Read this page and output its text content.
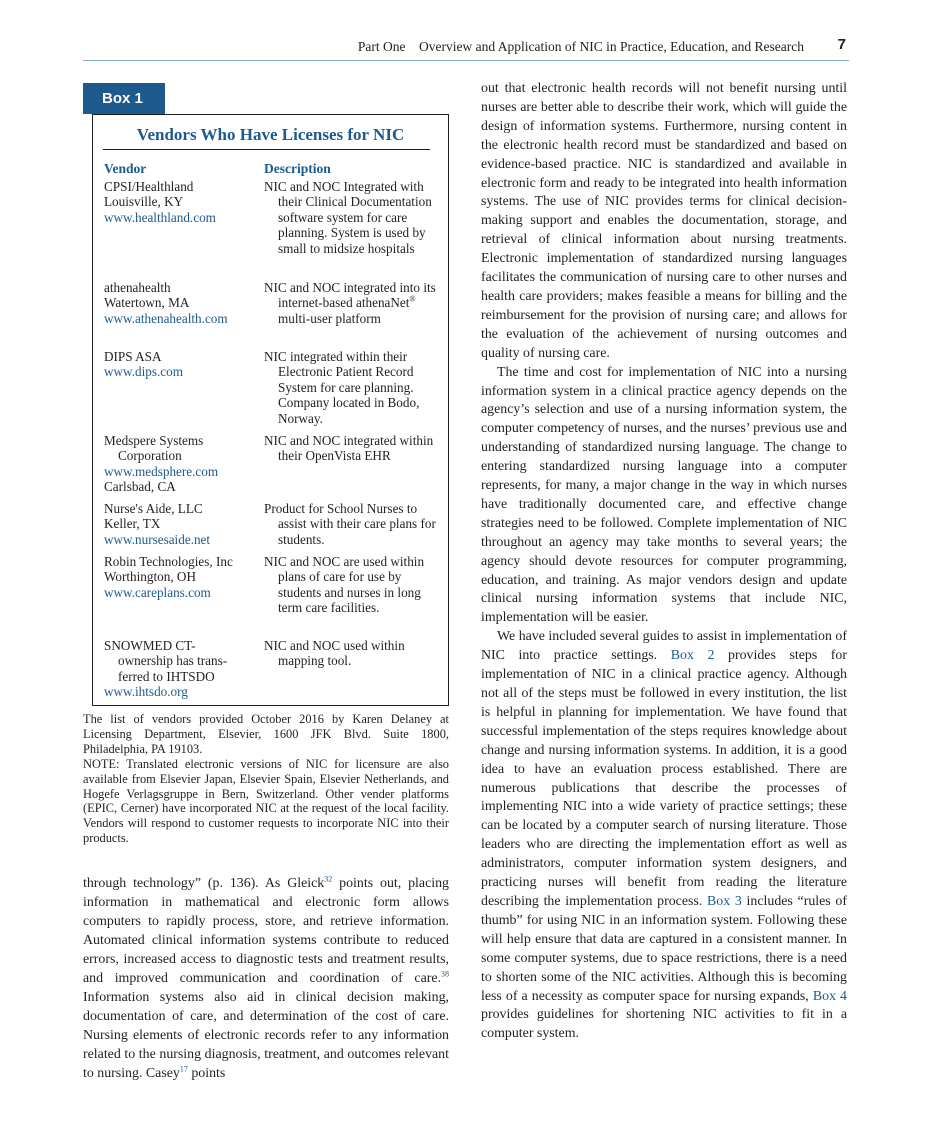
Part One    Overview and Application of NIC in Practice, Education, and Research 7
Box 1
Vendors Who Have Licenses for NIC
Vendor	Description
CPSI/Healthland
Louisville, KY
www.healthland.com
NIC and NOC Integrated with their Clinical Documentation software system for care planning. System is used by small to midsize hospitals
athenahealth
Watertown, MA
www.athenahealth.com
NIC and NOC integrated into its internet-based athenaNet® multi-user platform
DIPS ASA
www.dips.com
NIC integrated within their Electronic Patient Record System for care planning. Company located in Bodo, Norway.
Medspere Systems
Corporation
www.medsphere.com
Carlsbad, CA
NIC and NOC integrated within their OpenVista EHR
Nurse's Aide, LLC
Keller, TX
www.nursesaide.net
Product for School Nurses to assist with their care plans for students.
Robin Technologies, Inc
Worthington, OH
www.careplans.com
NIC and NOC are used within plans of care for use by students and nurses in long term care facilities.
SNOWMED CT-
ownership has trans-
ferred to IHTSDO
www.ihtsdo.org
NIC and NOC used within mapping tool.

The list of vendors provided October 2016 by Karen Delaney at Licensing Department, Elsevier, 1600 JFK Blvd. Suite 1800, Philadelphia, PA 19103.

NOTE: Translated electronic versions of NIC for licensure are also available from Elsevier Japan, Elsevier Spain, Elsevier Netherlands, and Hogefe Verlagsgruppe in Bern, Switzerland. Other vender platforms (EPIC, Cerner) have incorporated NIC at the request of the local facility. Vendors will respond to customer requests to incorporate NIC into their products.

through technology” (p. 136). As Gleick$^{32}$ points out, placing information in mathematical and electronic form allows computers to rapidly process, store, and retrieve information. Automated clinical information systems contribute to reduced errors, increased access to diagnostic tests and treatment results, and improved communication and coordination of care.$^{38}$ Information systems also aid in clinical decision making, documentation of care, and determination of the cost of care. Nursing elements of electronic records refer to any information related to the nursing diagnosis, treatment, and outcomes relevant to nursing. Casey$^{17}$ points

out that electronic health records will not benefit nursing until nurses are better able to describe their work, which will guide the design of information systems. Furthermore, nursing content in the electronic health record must be standardized and based on evidence-based practice. NIC is standardized and available in electronic form and ready to be integrated into health information systems. The use of NIC provides terms for clinical decision-making support and enables the documentation, storage, and retrieval of clinical information about nursing treatments. Electronic implementation of standardized nursing languages facilitates the communication of nursing care to other nurses and health care providers; makes feasible a means for billing and the reimbursement for the provision of nursing care; and allows for the evaluation of the achievement of nursing outcomes and quality of nursing care.

The time and cost for implementation of NIC into a nursing information system in a clinical practice agency depends on the agency’s selection and use of a nursing information system, the computer competency of nurses, and the nurses’ previous use and understanding of standardized nursing language. The change to entering standardized nursing language into a computer represents, for many, a major change in the way in which nurses have traditionally documented care, and effective change strategies need to be followed. Complete implementation of NIC throughout an agency may take months to several years; the agency should devote resources for computer programming, education, and training. As major vendors design and update clinical nursing information systems that include NIC, implementation will be easier.

We have included several guides to assist in implementation of NIC into practice settings. Box 2 provides steps for implementation of NIC in a clinical practice agency. Although not all of the steps must be followed in every institution, the list is helpful in planning for implementation. We have found that successful implementation of the steps requires knowledge about change and nursing information systems. In addition, it is a good idea to have an evaluation process established. There are numerous publications that describe the processes of implementing NIC into a wide variety of practice settings; these can be located by a computer search of nursing literature. Those leaders who are directing the implementation effort as well as administrators, computer information system designers, and practicing nurses will benefit from reading the literature describing the implementation process. Box 3 includes “rules of thumb” for using NIC in an information system. Following these will help ensure that data are captured in a consistent manner. In some computer systems, due to space restrictions, there is a need to shorten some of the NIC activities. Although this is becoming less of a necessity as computer space for nursing expands, Box 4 provides guidelines for shortening NIC activities to fit in a computer system.
